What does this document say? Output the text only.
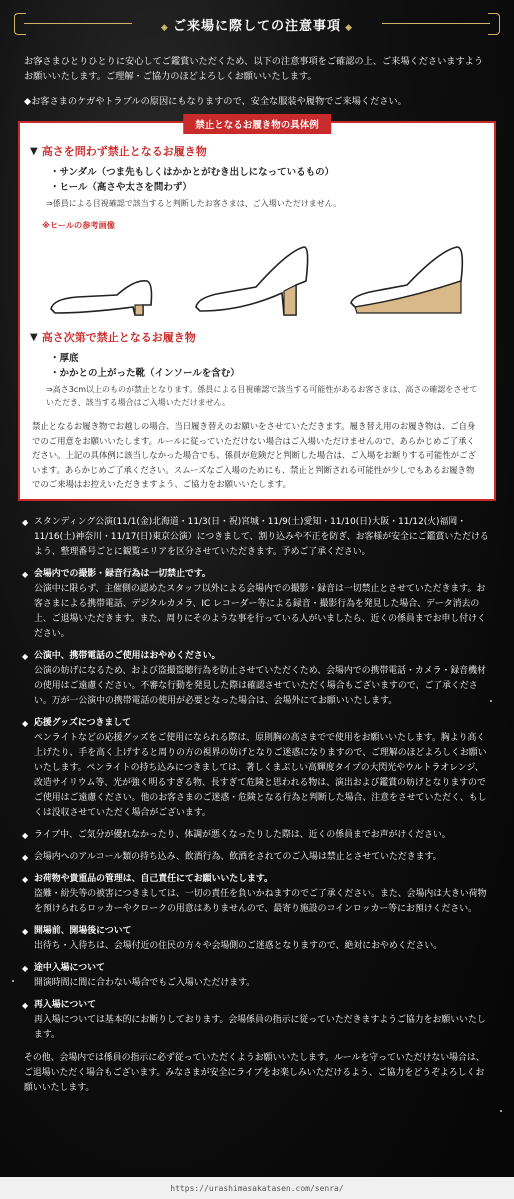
◆ ご来場に際しての注意事項 ◆

お客さまひとりひとりに安心してご鑑賞いただくため、以下の注意事項をご確認の上、ご来場くださいますようお願いいたします。ご理解・ご協力のほどよろしくお願いいたします。

◆お客さまのケガやトラブルの原因にもなりますので、安全な服装や履物でご来場ください。

禁止となるお履き物の具体例
▼ 高さを問わず禁止となるお履き物
・サンダル（つま先もしくはかかとがむき出しになっているもの）
・ヒール（高さや太さを問わず）
⇒係員による目視確認で該当すると判断したお客さまは、ご入場いただけません。
※ヒールの参考画像
▼ 高さ次第で禁止となるお履き物
・厚底
・かかとの上がった靴（インソールを含む）
⇒高さ3cm以上のものが禁止となります。係員による目視確認で該当する可能性があるお客さまは、高さの確認をさせていただき、該当する場合はご入場いただけません。
禁止となるお履き物でお越しの場合、当日履き替えのお願いをさせていただきます。履き替え用のお履き物は、ご自身でのご用意をお願いいたします。ルールに従っていただけない場合はご入場いただけませんので、あらかじめご了承ください。上記の具体例に該当しなかった場合でも、係員が危険だと判断した場合は、ご入場をお断りする可能性がございます。あらかじめご了承ください。スムーズなご入場のためにも、禁止と判断される可能性が少しでもあるお履き物でのご来場はお控えいただきますよう、ご協力をお願いいたします。
◆ スタンディング公演(11/1(金)北海道・11/3(日・祝)宮城・11/9(土)愛知・11/10(日)大阪・11/12(火)福岡・11/16(土)神奈川・11/17(日)東京公演）につきまして、割り込みや不正を防ぎ、お客様が安全にご鑑賞いただけるよう、整理番号ごとに観覧エリアを区分させていただきます。予めご了承ください。
◆ 会場内での撮影・録音行為は一切禁止です。
公演中に限らず、主催側の認めたスタッフ以外による会場内での撮影・録音は一切禁止とさせていただきます。お客さまによる携帯電話、デジタルカメラ、IC レコーダー等による録音・撮影行為を発見した場合、データ消去の上、ご退場いただきます。また、周りにそのような事を行っている人がいましたら、近くの係員までお申し付けください。
◆ 公演中、携帯電話のご使用はおやめください。
公演の妨げになるため、および盗撮盗聴行為を防止させていただくため、会場内での携帯電話・カメラ・録音機材の使用はご遠慮ください。不審な行動を発見した際は確認させていただく場合もございますので、ご了承ください。万が一公演中の携帯電話の使用が必要となった場合は、会場外にてお願いいたします。
◆ 応援グッズにつきまして
ペンライトなどの応援グッズをご使用になられる際は、原則胸の高さまでで使用をお願いいたします。胸より高く上げたり、手を高く上げすると周りの方の視界の妨げとなりご迷惑になりますので、ご理解のほどよろしくお願いいたします。ペンライトの持ち込みにつきましては、著しくまぶしい高輝度タイプの大閃光やウルトラオレンジ、改造サイリウム等、光が強く明るすぎる物、長すぎて危険と思われる物は、演出および鑑賞の妨げとなりますのでご使用はご遠慮ください。他のお客さまのご迷惑・危険となる行為と判断した場合、注意をさせていただく、もしくは没収させていただく場合がございます。
◆ ライブ中、ご気分が優れなかったり、体調が悪くなったりした際は、近くの係員までお声がけください。
◆ 会場内へのアルコール類の持ち込み、飲酒行為、飲酒をされてのご入場は禁止とさせていただきます。
◆ お荷物や貴重品の管理は、自己責任にてお願いいたします。
盗難・紛失等の被害につきましては、一切の責任を負いかねますのでご了承ください。また、会場内は大きい荷物を預けられるロッカーやクロークの用意はありませんので、最寄り施設のコインロッカー等にお預けください。
◆ 開場前、開場後について
出待ち・入待ちは、会場付近の住民の方々や会場側のご迷惑となりますので、絶対におやめください。
◆ 途中入場について
開演時間に間に合わない場合でもご入場いただけます。
◆ 再入場について
再入場については基本的にお断りしております。会場係員の指示に従っていただきますようご協力をお願いいたします。
その他、会場内では係員の指示に必ず従っていただくようお願いいたします。ルールを守っていただけない場合は、ご退場いただく場合もございます。みなさまが安全にライブをお楽しみいただけるよう、ご協力をどうぞよろしくお願いいたします。
https://urashimasakatasen.com/senra/
